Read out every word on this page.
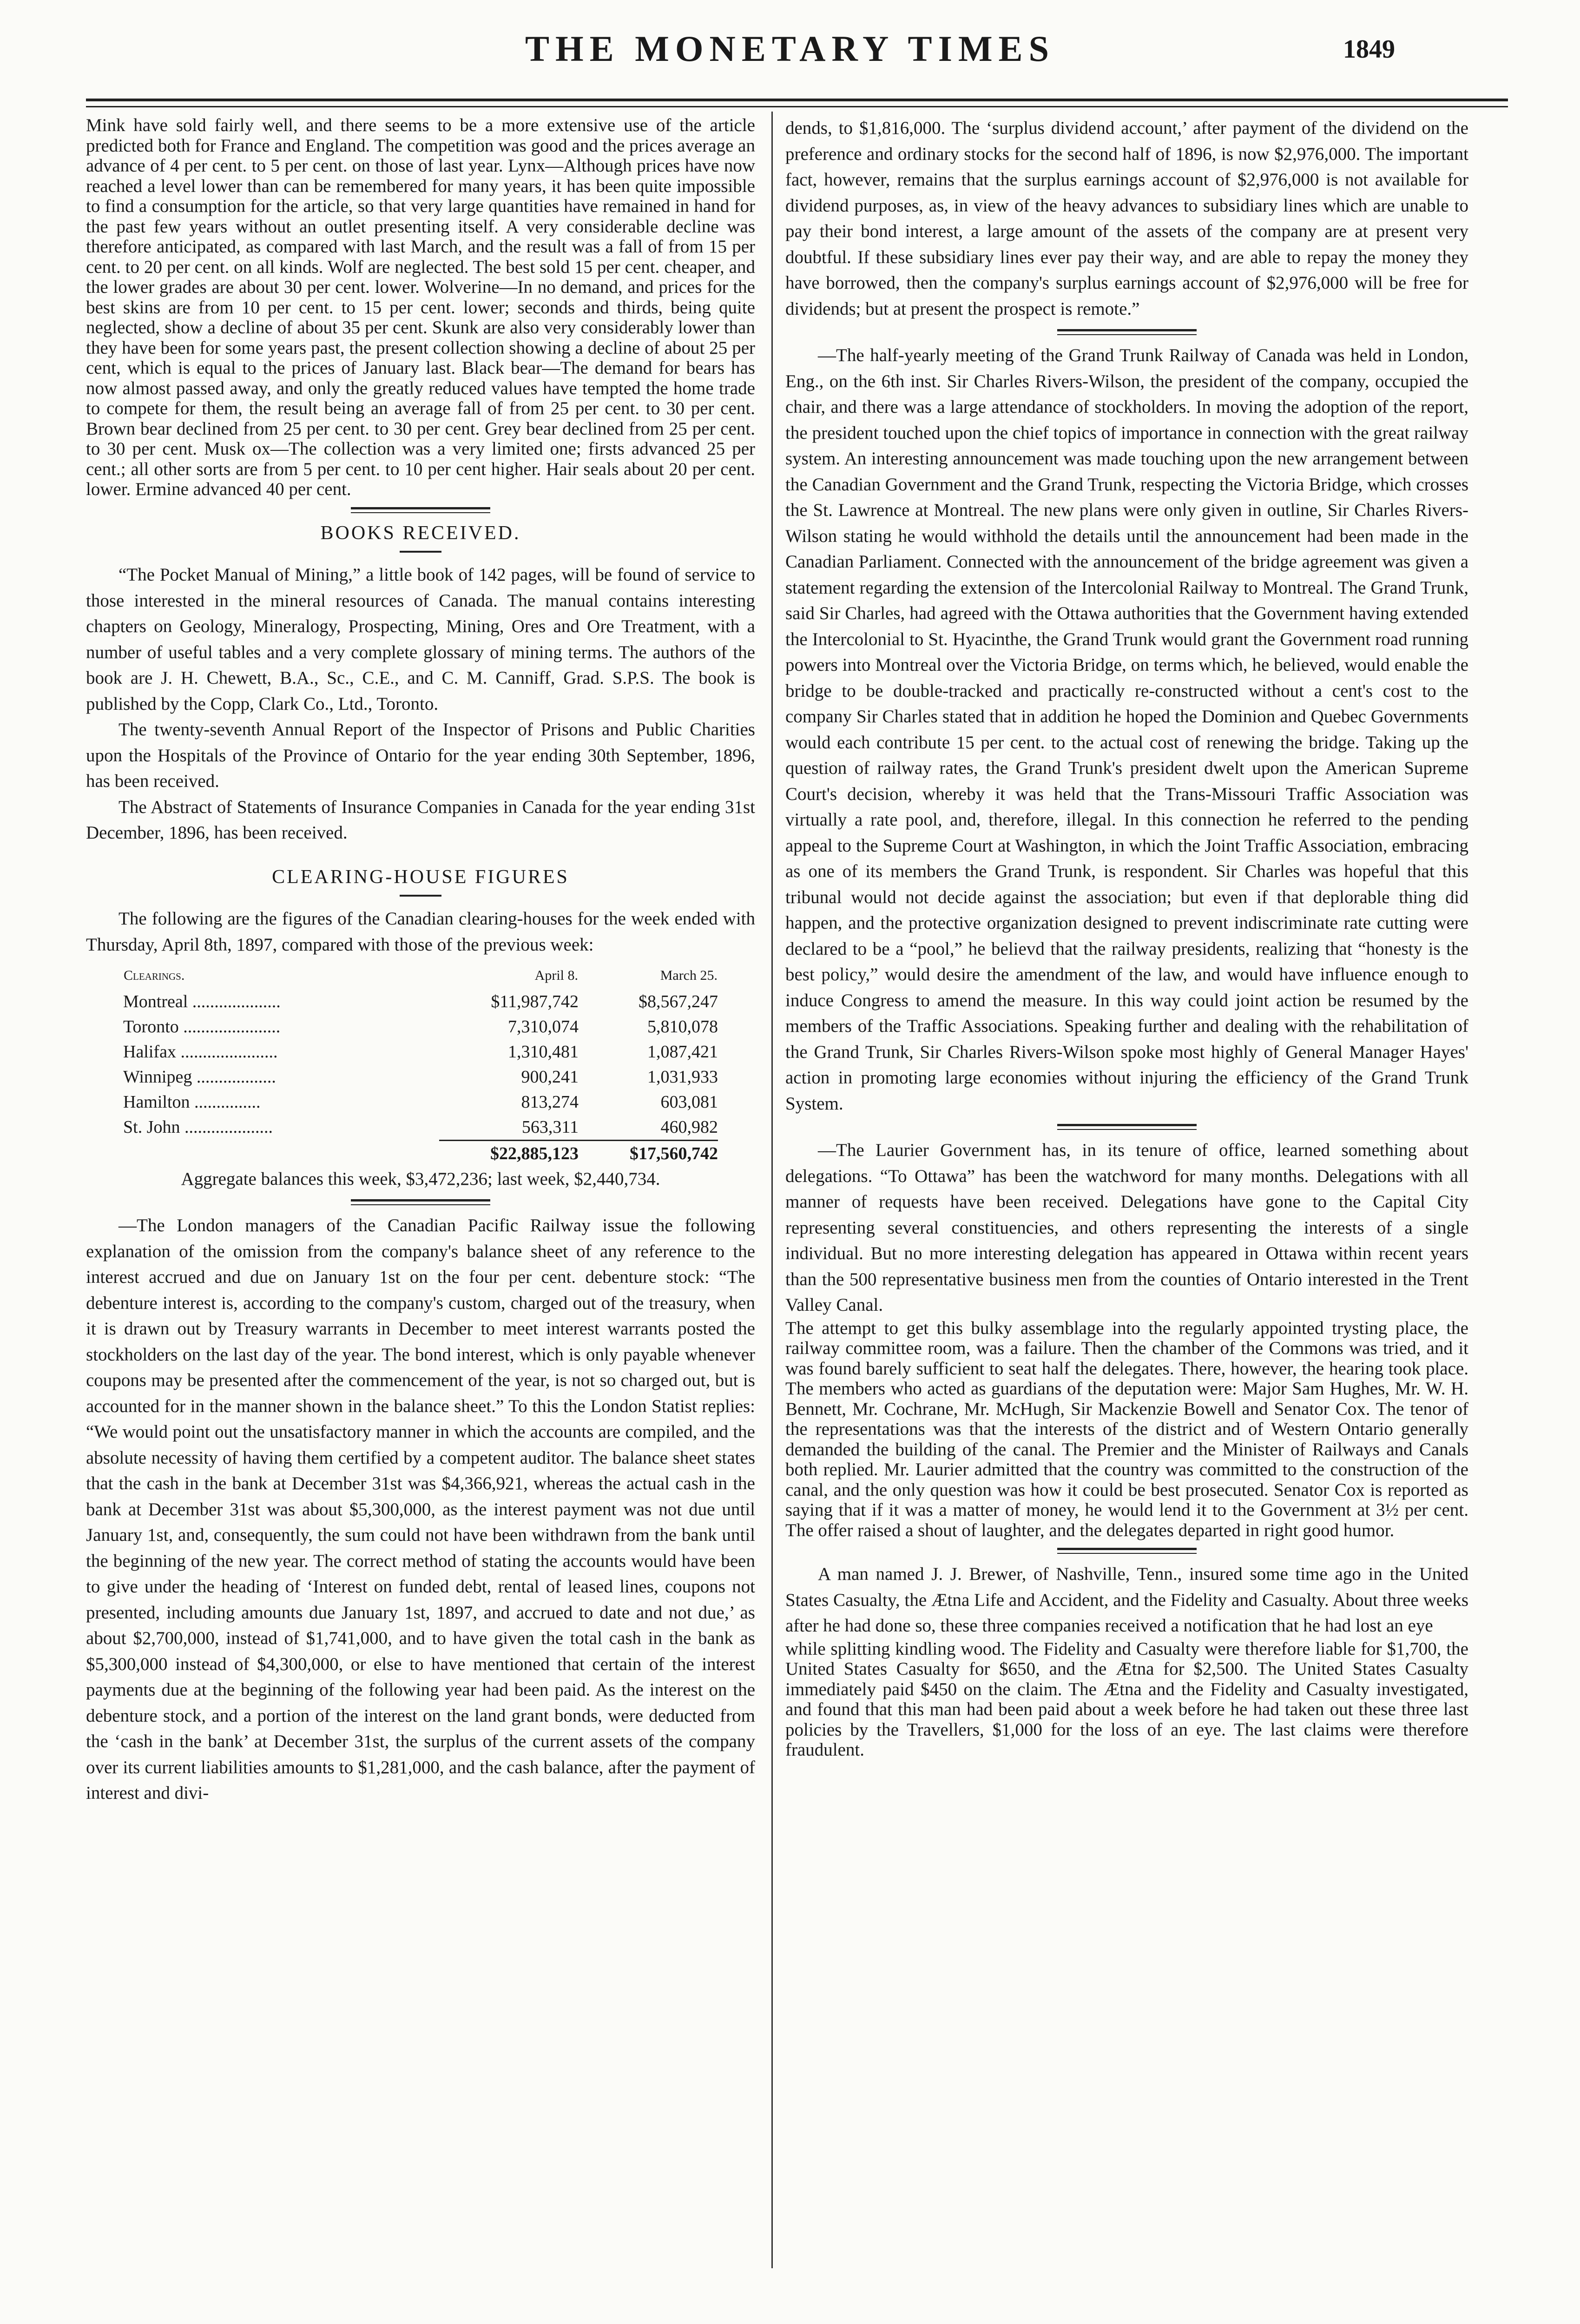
THE MONETARY TIMES	1849

Mink have sold fairly well, and there seems to be a more extensive use of the article predicted both for France and England. The competition was good and the prices average an advance of 4 per cent. to 5 per cent. on those of last year. Lynx—Although prices have now reached a level lower than can be remembered for many years, it has been quite impossible to find a consumption for the article, so that very large quantities have remained in hand for the past few years without an outlet presenting itself. A very considerable decline was therefore anticipated, as compared with last March, and the result was a fall of from 15 per cent. to 20 per cent. on all kinds. Wolf are neglected. The best sold 15 per cent. cheaper, and the lower grades are about 30 per cent. lower. Wolverine—In no demand, and prices for the best skins are from 10 per cent. to 15 per cent. lower; seconds and thirds, being quite neglected, show a decline of about 35 per cent. Skunk are also very considerably lower than they have been for some years past, the present collection showing a decline of about 25 per cent, which is equal to the prices of January last. Black bear—The demand for bears has now almost passed away, and only the greatly reduced values have tempted the home trade to compete for them, the result being an average fall of from 25 per cent. to 30 per cent. Brown bear declined from 25 per cent. to 30 per cent. Grey bear declined from 25 per cent. to 30 per cent. Musk ox—The collection was a very limited one; firsts advanced 25 per cent.; all other sorts are from 5 per cent. to 10 per cent higher. Hair seals about 20 per cent. lower. Ermine advanced 40 per cent.

BOOKS RECEIVED.

“The Pocket Manual of Mining,” a little book of 142 pages, will be found of service to those interested in the mineral resources of Canada. The manual contains interesting chapters on Geology, Mineralogy, Prospecting, Mining, Ores and Ore Treatment, with a number of useful tables and a very complete glossary of mining terms. The authors of the book are J. H. Chewett, B.A., Sc., C.E., and C. M. Canniff, Grad. S.P.S. The book is published by the Copp, Clark Co., Ltd., Toronto.

The twenty-seventh Annual Report of the Inspector of Prisons and Public Charities upon the Hospitals of the Province of Ontario for the year ending 30th September, 1896, has been received.

The Abstract of Statements of Insurance Companies in Canada for the year ending 31st December, 1896, has been received.

CLEARING-HOUSE FIGURES

The following are the figures of the Canadian clearing-houses for the week ended with Thursday, April 8th, 1897, compared with those of the previous week:

Clearings.	April 8.	March 25.
Montreal ....................	$11,987,742	$8,567,247
Toronto ......................	7,310,074	5,810,078
Halifax ......................	1,310,481	1,087,421
Winnipeg ..................	900,241	1,031,933
Hamilton ...............	813,274	603,081
St. John ....................	563,311	460,982
	$22,885,123	$17,560,742

Aggregate balances this week, $3,472,236; last week, $2,440,734.

—The London managers of the Canadian Pacific Railway issue the following explanation of the omission from the company's balance sheet of any reference to the interest accrued and due on January 1st on the four per cent. debenture stock: “The debenture interest is, according to the company's custom, charged out of the treasury, when it is drawn out by Treasury warrants in December to meet interest warrants posted the stockholders on the last day of the year. The bond interest, which is only payable whenever coupons may be presented after the commencement of the year, is not so charged out, but is accounted for in the manner shown in the balance sheet.” To this the London Statist replies: “We would point out the unsatisfactory manner in which the accounts are compiled, and the absolute necessity of having them certified by a competent auditor. The balance sheet states that the cash in the bank at December 31st was $4,366,921, whereas the actual cash in the bank at December 31st was about $5,300,000, as the interest payment was not due until January 1st, and, consequently, the sum could not have been withdrawn from the bank until the beginning of the new year. The correct method of stating the accounts would have been to give under the heading of ‘Interest on funded debt, rental of leased lines, coupons not presented, including amounts due January 1st, 1897, and accrued to date and not due,’ as about $2,700,000, instead of $1,741,000, and to have given the total cash in the bank as $5,300,000 instead of $4,300,000, or else to have mentioned that certain of the interest payments due at the beginning of the following year had been paid. As the interest on the debenture stock, and a portion of the interest on the land grant bonds, were deducted from the ‘cash in the bank’ at December 31st, the surplus of the current assets of the company over its current liabilities amounts to $1,281,000, and the cash balance, after the payment of interest and divi-

dends, to $1,816,000. The ‘surplus dividend account,’ after payment of the dividend on the preference and ordinary stocks for the second half of 1896, is now $2,976,000. The important fact, however, remains that the surplus earnings account of $2,976,000 is not available for dividend purposes, as, in view of the heavy advances to subsidiary lines which are unable to pay their bond interest, a large amount of the assets of the company are at present very doubtful. If these subsidiary lines ever pay their way, and are able to repay the money they have borrowed, then the company's surplus earnings account of $2,976,000 will be free for dividends; but at present the prospect is remote.”

—The half-yearly meeting of the Grand Trunk Railway of Canada was held in London, Eng., on the 6th inst. Sir Charles Rivers-Wilson, the president of the company, occupied the chair, and there was a large attendance of stockholders. In moving the adoption of the report, the president touched upon the chief topics of importance in connection with the great railway system. An interesting announcement was made touching upon the new arrangement between the Canadian Government and the Grand Trunk, respecting the Victoria Bridge, which crosses the St. Lawrence at Montreal. The new plans were only given in outline, Sir Charles Rivers-Wilson stating he would withhold the details until the announcement had been made in the Canadian Parliament. Connected with the announcement of the bridge agreement was given a statement regarding the extension of the Intercolonial Railway to Montreal. The Grand Trunk, said Sir Charles, had agreed with the Ottawa authorities that the Government having extended the Intercolonial to St. Hyacinthe, the Grand Trunk would grant the Government road running powers into Montreal over the Victoria Bridge, on terms which, he believed, would enable the bridge to be double-tracked and practically re-constructed without a cent's cost to the company Sir Charles stated that in addition he hoped the Dominion and Quebec Governments would each contribute 15 per cent. to the actual cost of renewing the bridge. Taking up the question of railway rates, the Grand Trunk's president dwelt upon the American Supreme Court's decision, whereby it was held that the Trans-Missouri Traffic Association was virtually a rate pool, and, therefore, illegal. In this connection he referred to the pending appeal to the Supreme Court at Washington, in which the Joint Traffic Association, embracing as one of its members the Grand Trunk, is respondent. Sir Charles was hopeful that this tribunal would not decide against the association; but even if that deplorable thing did happen, and the protective organization designed to prevent indiscriminate rate cutting were declared to be a “pool,” he believd that the railway presidents, realizing that “honesty is the best policy,” would desire the amendment of the law, and would have influence enough to induce Congress to amend the measure. In this way could joint action be resumed by the members of the Traffic Associations. Speaking further and dealing with the rehabilitation of the Grand Trunk, Sir Charles Rivers-Wilson spoke most highly of General Manager Hayes' action in promoting large economies without injuring the efficiency of the Grand Trunk System.

—The Laurier Government has, in its tenure of office, learned something about delegations. “To Ottawa” has been the watchword for many months. Delegations with all manner of requests have been received. Delegations have gone to the Capital City representing several constituencies, and others representing the interests of a single individual. But no more interesting delegation has appeared in Ottawa within recent years than the 500 representative business men from the counties of Ontario interested in the Trent Valley Canal.

The attempt to get this bulky assemblage into the regularly appointed trysting place, the railway committee room, was a failure. Then the chamber of the Commons was tried, and it was found barely sufficient to seat half the delegates. There, however, the hearing took place. The members who acted as guardians of the deputation were: Major Sam Hughes, Mr. W. H. Bennett, Mr. Cochrane, Mr. McHugh, Sir Mackenzie Bowell and Senator Cox. The tenor of the representations was that the interests of the district and of Western Ontario generally demanded the building of the canal. The Premier and the Minister of Railways and Canals both replied. Mr. Laurier admitted that the country was committed to the construction of the canal, and the only question was how it could be best prosecuted. Senator Cox is reported as saying that if it was a matter of money, he would lend it to the Government at 3½ per cent. The offer raised a shout of laughter, and the delegates departed in right good humor.

A man named J. J. Brewer, of Nashville, Tenn., insured some time ago in the United States Casualty, the Ætna Life and Accident, and the Fidelity and Casualty. About three weeks after he had done so, these three companies received a notification that he had lost an eye

while splitting kindling wood. The Fidelity and Casualty were therefore liable for $1,700, the United States Casualty for $650, and the Ætna for $2,500. The United States Casualty immediately paid $450 on the claim. The Ætna and the Fidelity and Casualty investigated, and found that this man had been paid about a week before he had taken out these three last policies by the Travellers, $1,000 for the loss of an eye. The last claims were therefore fraudulent.
